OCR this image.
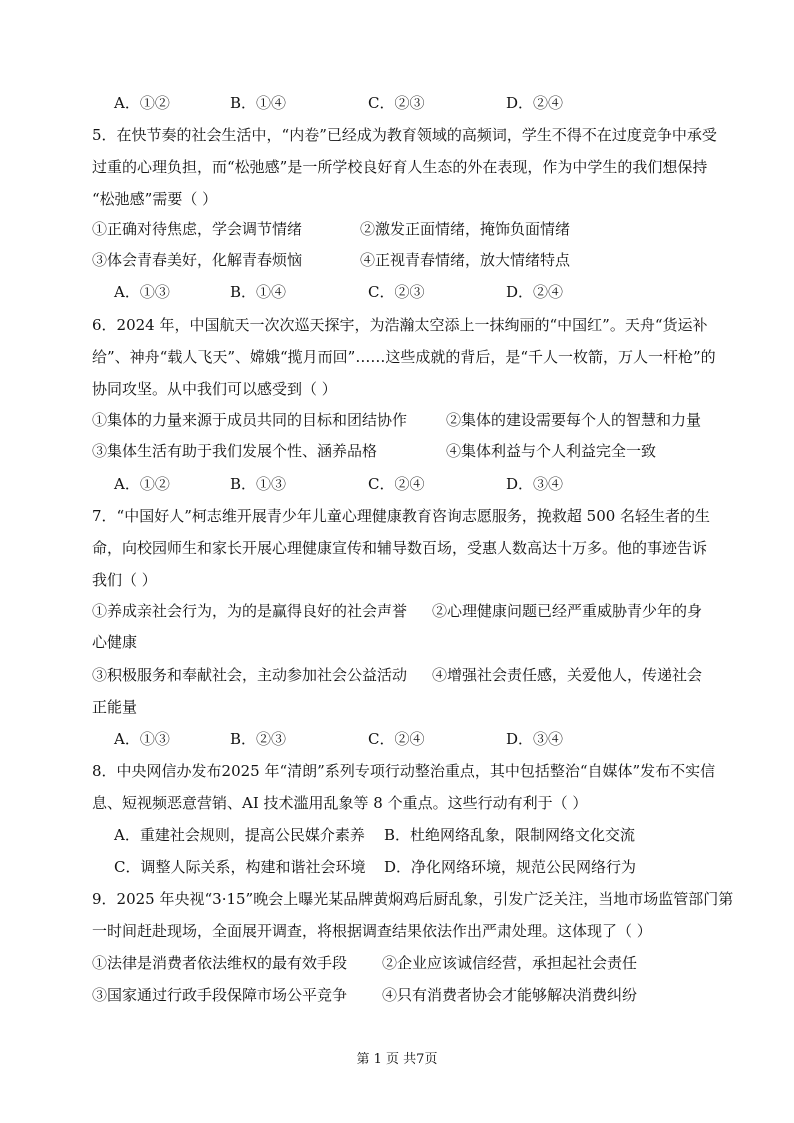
A．①②	B．①④	C．②③	D．②④
5．在快节奏的社会生活中，“内卷”已经成为教育领域的高频词，学生不得不在过度竞争中承受
过重的心理负担，而“松弛感”是一所学校良好育人生态的外在表现，作为中学生的我们想保持
“松弛感”需要（ ）
①正确对待焦虑，学会调节情绪	②激发正面情绪，掩饰负面情绪
③体会青春美好，化解青春烦恼	④正视青春情绪，放大情绪特点
A．①③	B．①④	C．②③	D．②④
6．2024 年，中国航天一次次巡天探宇，为浩瀚太空添上一抹绚丽的“中国红”。天舟“货运补
给”、神舟“载人飞天”、嫦娥“揽月而回”……这些成就的背后，是“千人一枚箭，万人一杆枪”的
协同攻坚。从中我们可以感受到（ ）
①集体的力量来源于成员共同的目标和团结协作	②集体的建设需要每个人的智慧和力量
③集体生活有助于我们发展个性、涵养品格	④集体利益与个人利益完全一致
A．①②	B．①③	C．②④	D．③④
7．“中国好人”柯志维开展青少年儿童心理健康教育咨询志愿服务，挽救超 500 名轻生者的生
命，向校园师生和家长开展心理健康宣传和辅导数百场，受惠人数高达十万多。他的事迹告诉
我们（ ）
①养成亲社会行为，为的是赢得良好的社会声誉 ②心理健康问题已经严重威胁青少年的身
心健康
③积极服务和奉献社会，主动参加社会公益活动 ④增强社会责任感，关爱他人，传递社会
正能量
A．①③	B．②③	C．②④	D．③④
8．中央网信办发布2025 年“清朗”系列专项行动整治重点，其中包括整治“自媒体”发布不实信
息、短视频恶意营销、AI 技术滥用乱象等 8 个重点。这些行动有利于（ ）
A．重建社会规则，提高公民媒介素养 B．杜绝网络乱象，限制网络文化交流
C．调整人际关系，构建和谐社会环境 D．净化网络环境，规范公民网络行为
9．2025 年央视“3·15”晚会上曝光某品牌黄焖鸡后厨乱象，引发广泛关注，当地市场监管部门第
一时间赶赴现场，全面展开调查，将根据调查结果依法作出严肃处理。这体现了（ ）
①法律是消费者依法维权的最有效手段 ②企业应该诚信经营，承担起社会责任
③国家通过行政手段保障市场公平竞争 ④只有消费者协会才能够解决消费纠纷
第 1 页 共7页
